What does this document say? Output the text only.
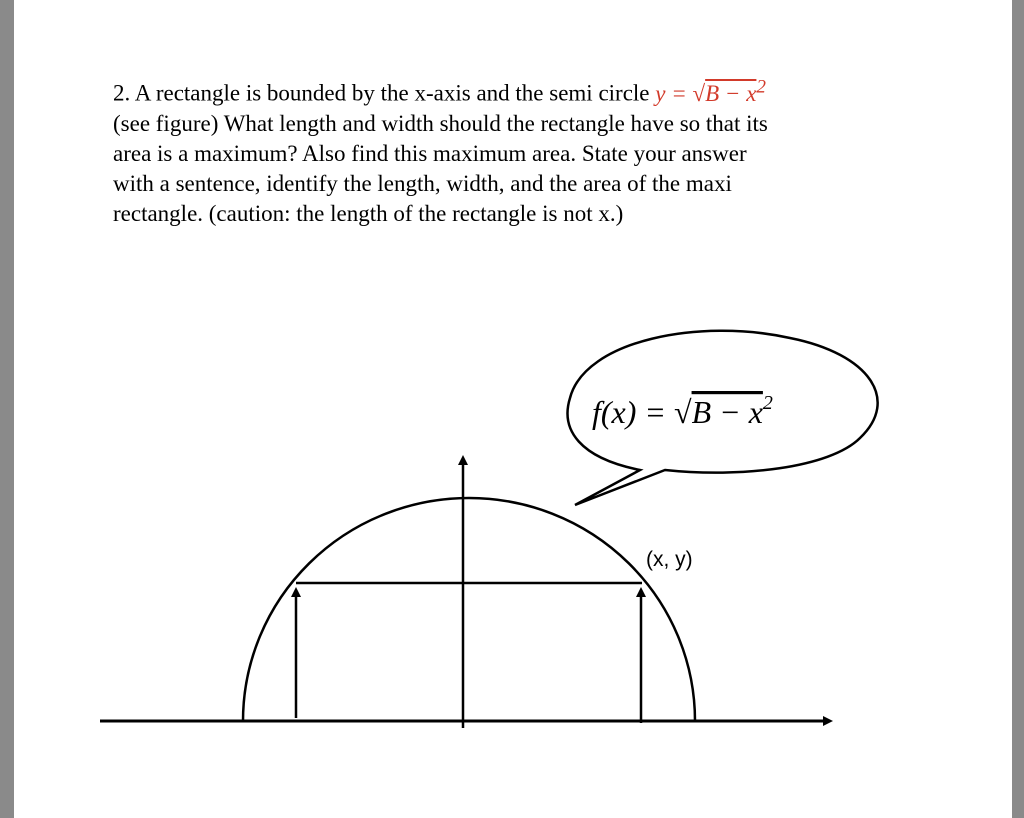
2. A rectangle is bounded by the x-axis and the semi circle $y = √B - x^2$
(see figure) What length and width should the rectangle have so that its
area is a maximum? Also find this maximum area. State your answer
with a sentence, identify the length, width, and the area of the maxi
rectangle. (caution: the length of the rectangle is not x.)
$f(x) = √B - x^2$
(x, y)
